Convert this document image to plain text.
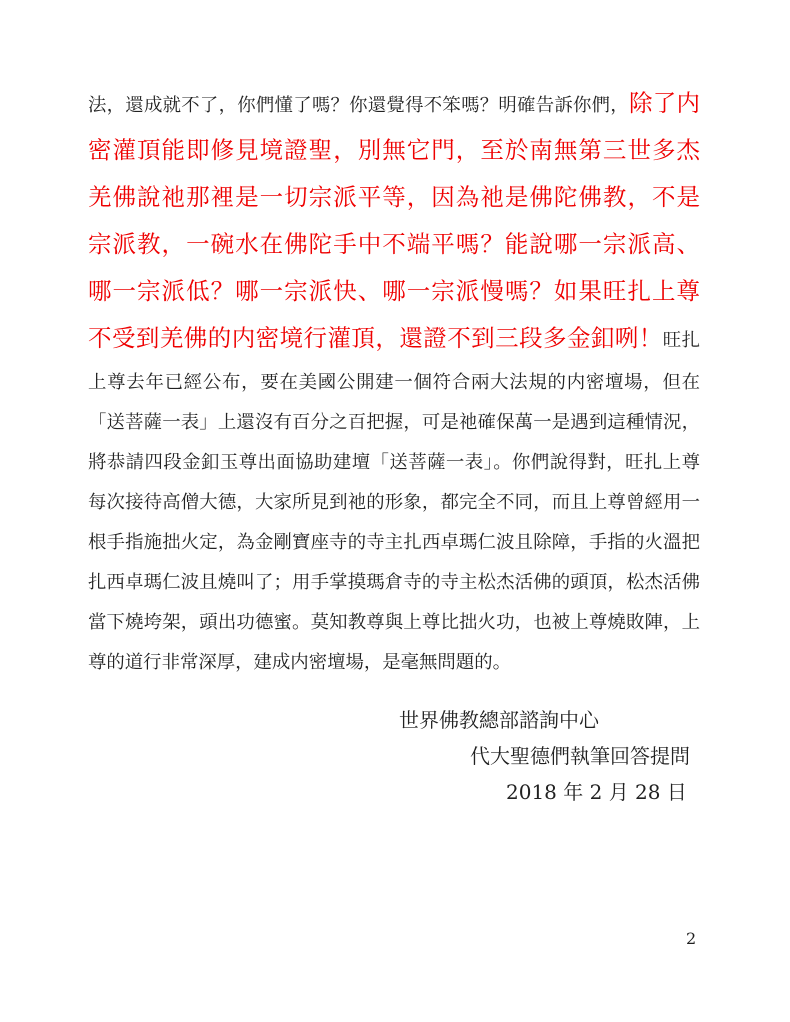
法，還成就不了，你們懂了嗎？你還覺得不笨嗎？明確告訴你們，除了内
密灌頂能即修見境證聖，別無它門，至於南無第三世多杰
羌佛說祂那裡是一切宗派平等，因為祂是佛陀佛教，不是
宗派教，一碗水在佛陀手中不端平嗎？能說哪一宗派高、
哪一宗派低？哪一宗派快、哪一宗派慢嗎？如果旺扎上尊
不受到羌佛的内密境行灌頂，還證不到三段多金釦咧！旺扎
上尊去年已經公布，要在美國公開建一個符合兩大法規的内密壇場，但在
「送菩薩一表」上還沒有百分之百把握，可是祂確保萬一是遇到這種情況，
將恭請四段金釦玉尊出面協助建壇「送菩薩一表」。你們說得對，旺扎上尊
每次接待高僧大德，大家所見到祂的形象，都完全不同，而且上尊曾經用一
根手指施拙火定，為金剛寶座寺的寺主扎西卓瑪仁波且除障，手指的火溫把
扎西卓瑪仁波且燒叫了；用手掌摸瑪倉寺的寺主松杰活佛的頭頂，松杰活佛
當下燒垮架，頭出功德蜜。莫知教尊與上尊比拙火功，也被上尊燒敗陣，上
尊的道行非常深厚，建成内密壇場，是毫無問題的。
世界佛教總部諮詢中心
代大聖德們執筆回答提問
2018 年 2 月 28 日
2
